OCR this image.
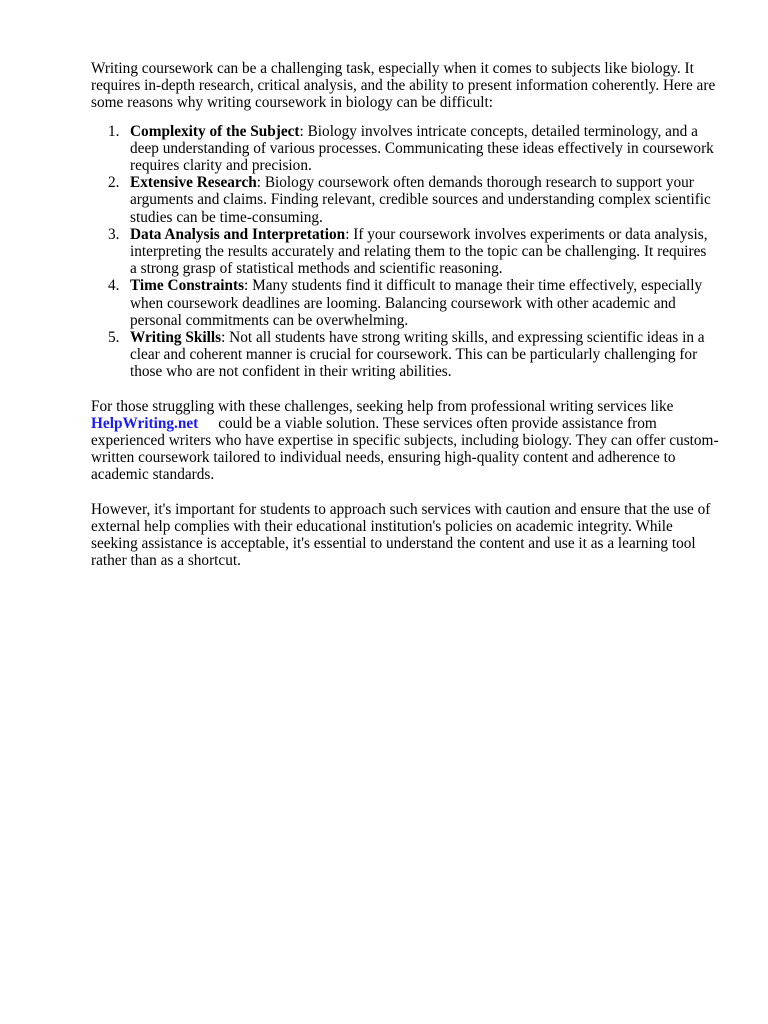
Writing coursework can be a challenging task, especially when it comes to subjects like biology. It requires in-depth research, critical analysis, and the ability to present information coherently. Here are some reasons why writing coursework in biology can be difficult:

1. Complexity of the Subject: Biology involves intricate concepts, detailed terminology, and a deep understanding of various processes. Communicating these ideas effectively in coursework requires clarity and precision.
2. Extensive Research: Biology coursework often demands thorough research to support your arguments and claims. Finding relevant, credible sources and understanding complex scientific studies can be time-consuming.
3. Data Analysis and Interpretation: If your coursework involves experiments or data analysis, interpreting the results accurately and relating them to the topic can be challenging. It requires a strong grasp of statistical methods and scientific reasoning.
4. Time Constraints: Many students find it difficult to manage their time effectively, especially when coursework deadlines are looming. Balancing coursework with other academic and personal commitments can be overwhelming.
5. Writing Skills: Not all students have strong writing skills, and expressing scientific ideas in a clear and coherent manner is crucial for coursework. This can be particularly challenging for those who are not confident in their writing abilities.

For those struggling with these challenges, seeking help from professional writing services like HelpWriting.net could be a viable solution. These services often provide assistance from experienced writers who have expertise in specific subjects, including biology. They can offer custom-written coursework tailored to individual needs, ensuring high-quality content and adherence to academic standards.

However, it's important for students to approach such services with caution and ensure that the use of external help complies with their educational institution's policies on academic integrity. While seeking assistance is acceptable, it's essential to understand the content and use it as a learning tool rather than as a shortcut.
